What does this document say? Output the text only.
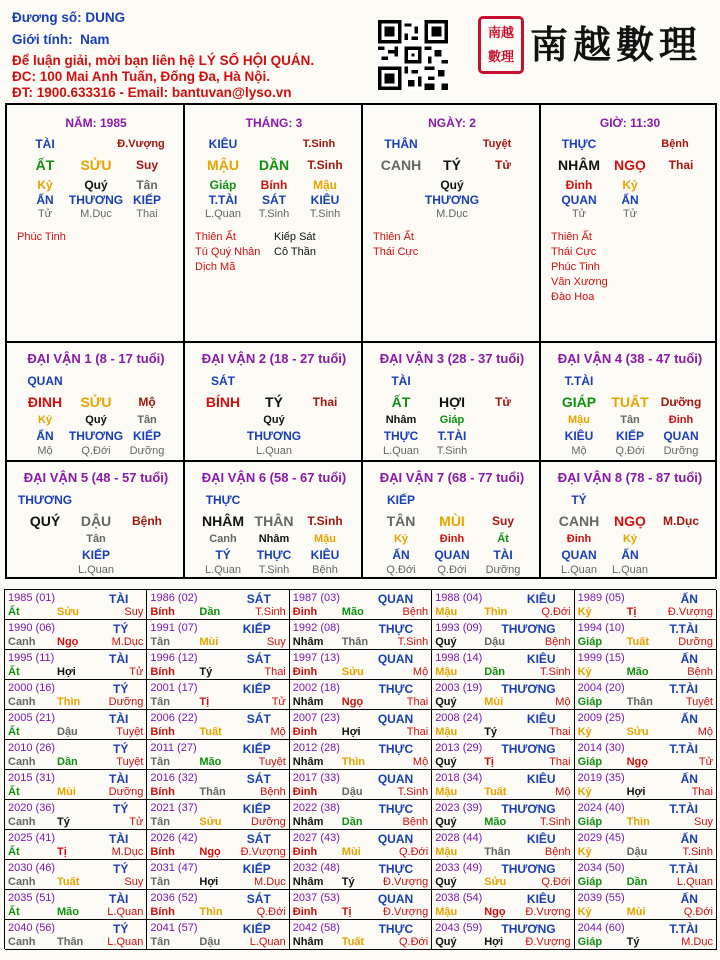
Đương số: DUNG
Giới tính: Nam
Để luận giải, mời bạn liên hệ LÝ SỐ HỘI QUÁN.
ĐC: 100 Mai Anh Tuấn, Đống Đa, Hà Nội.
ĐT: 1900.633316 - Email: bantuvan@lyso.vn
南越
數理 南越數理
NĂM: 1985
TÀI	Đ.Vượng
ẤT SỬU Suy
Kỷ	Quý Tân
ẤN THƯƠNG KIẾP
Tử	M.Dục Thai
Phúc Tinh
THÁNG: 3
KIÊU	T.Sinh
MẬU DẦN T.Sinh
Giáp Bính Mậu
T.TÀI SÁT KIÊU
L.Quan T.Sinh T.Sinh
Thiên Ất
Tú Quý Nhân
Dịch Mã
Kiếp Sát
Cô Thần
NGÀY: 2
THÂN	Tuyệt
CANH TÝ	Tử
Quý
THƯƠNG
M.Dục
Thiên Ất
Thái Cực
GIỜ: 11:30
THỰC	Bệnh
NHÂM NGỌ Thai
Đinh Kỷ
QUAN ẤN
Tử	Tử
Thiên Ất
Thái Cực
Phúc Tinh
Văn Xương
Đào Hoa
ĐẠI VẬN 1 (8 - 17 tuổi)
QUAN
ĐINH SỬU Mộ
Kỷ	Quý	Tân
ẤN THƯƠNG KIẾP
Mộ	Q.Đới Dưỡng
ĐẠI VẬN 2 (18 - 27 tuổi)
SÁT
BÍNH TÝ Thai
Quý
THƯƠNG
L.Quan
ĐẠI VẬN 3 (28 - 37 tuổi)
TÀI
ẤT HỢI	Tử
Nhâm Giáp
THỰC T.TÀI
L.Quan T.Sinh
ĐẠI VẬN 4 (38 - 47 tuổi)
T.TÀI
GIÁP TUẤT Dưỡng
Mậu	Tân	Đinh
KIÊU KIẾP QUAN
Mộ	Q.Đới Dưỡng
ĐẠI VẬN 5 (48 - 57 tuổi)
THƯƠNG
QUÝ DẬU Bệnh
Tân
KIẾP
L.Quan
ĐẠI VẬN 6 (58 - 67 tuổi)
THỰC
NHÂM THÂN T.Sinh
Canh Nhâm Mậu
TÝ THỰC KIÊU
L.Quan T.Sinh Bệnh
ĐẠI VẬN 7 (68 - 77 tuổi)
KIẾP
TÂN MÙI Suy
Kỷ	Đinh	Ất
ẤN QUAN TÀI
Q.Đới Q.Đới Dưỡng
ĐẠI VẬN 8 (78 - 87 tuổi)
TÝ
CANH NGỌ M.Dục
Đinh	Kỷ
QUAN ẤN
L.Quan L.Quan
1985 (01)	TÀI
Ất	Sửu	Suy
1986 (02)	SÁT
Bính Dần	T.Sinh
1987 (03)	QUAN
Đinh Mão	Bệnh
1988 (04)	KIÊU
Mậu Thìn	Q.Đới
1989 (05)	ẤN
Kỷ	Tị	Đ.Vượng
1990 (06)	TÝ
Canh Ngọ	M.Dục
1991 (07)	KIẾP
Tân	Mùi	Suy
1992 (08)	THỰC
Nhâm Thân	T.Sinh
1993 (09) THƯƠNG
Quý	Dậu	Bệnh
1994 (10)	T.TÀI
Giáp Tuất	Dưỡng
1995 (11)	TÀI
Ất	Hợi	Tử
1996 (12)	SÁT
Bính Tý	Thai
1997 (13)	QUAN
Đinh Sửu	Mộ
1998 (14)	KIÊU
Mậu Dần	T.Sinh
1999 (15)	ẤN
Kỷ	Mão	Bệnh
2000 (16)	TÝ
Canh Thìn	Dưỡng
2001 (17)	KIẾP
Tân	Tị	Tử
2002 (18)	THỰC
Nhâm Ngọ	Thai
2003 (19) THƯƠNG
Quý	Mùi	Mộ
2004 (20)	T.TÀI
Giáp Thân	Tuyệt
2005 (21)	TÀI
Ất	Dậu	Tuyệt
2006 (22)	SÁT
Bính Tuất	Mộ
2007 (23)	QUAN
Đinh Hợi	Thai
2008 (24)	KIÊU
Mậu Tý	Thai
2009 (25)	ẤN
Kỷ	Sửu	Mộ
2010 (26)	TÝ
Canh Dần	Tuyệt
2011 (27)	KIẾP
Tân	Mão	Tuyệt
2012 (28)	THỰC
Nhâm Thìn	Mộ
2013 (29) THƯƠNG
Quý	Tị	Thai
2014 (30)	T.TÀI
Giáp Ngọ	Tử
2015 (31)	TÀI
Ất	Mùi	Dưỡng
2016 (32)	SÁT
Bính Thân	Bệnh
2017 (33)	QUAN
Đinh Dậu	T.Sinh
2018 (34)	KIÊU
Mậu Tuất	Mộ
2019 (35)	ẤN
Kỷ	Hợi	Thai
2020 (36)	TÝ
Canh Tý	Tử
2021 (37)	KIẾP
Tân	Sửu	Dưỡng
2022 (38)	THỰC
Nhâm Dần	Bệnh
2023 (39) THƯƠNG
Quý	Mão	T.Sinh
2024 (40)	T.TÀI
Giáp Thìn	Suy
2025 (41)	TÀI
Ất	Tị	M.Dục
2026 (42)	SÁT
Bính Ngọ Đ.Vượng
2027 (43)	QUAN
Đinh Mùi	Q.Đới
2028 (44)	KIÊU
Mậu Thân	Bệnh
2029 (45)	ẤN
Kỷ	Dậu	T.Sinh
2030 (46)	TÝ
Canh Tuất	Suy
2031 (47)	KIẾP
Tân	Hợi	M.Dục
2032 (48)	THỰC
Nhâm Tý	Đ.Vượng
2033 (49) THƯƠNG
Quý	Sửu	Q.Đới
2034 (50)	T.TÀI
Giáp Dần	L.Quan
2035 (51)	TÀI
Ất	Mão	L.Quan
2036 (52)	SÁT
Bính Thìn	Q.Đới
2037 (53)	QUAN
Đinh Tị	Đ.Vượng
2038 (54)	KIÊU
Mậu Ngọ Đ.Vượng
2039 (55)	ẤN
Kỷ	Mùi	Q.Đới
2040 (56)	TÝ
Canh Thân L.Quan
2041 (57)	KIẾP
Tân	Dậu	L.Quan
2042 (58)	THỰC
Nhâm Tuất	Q.Đới
2043 (59) THƯƠNG
Quý	Hợi Đ.Vượng
2044 (60)	T.TÀI
Giáp Tý	M.Dục
